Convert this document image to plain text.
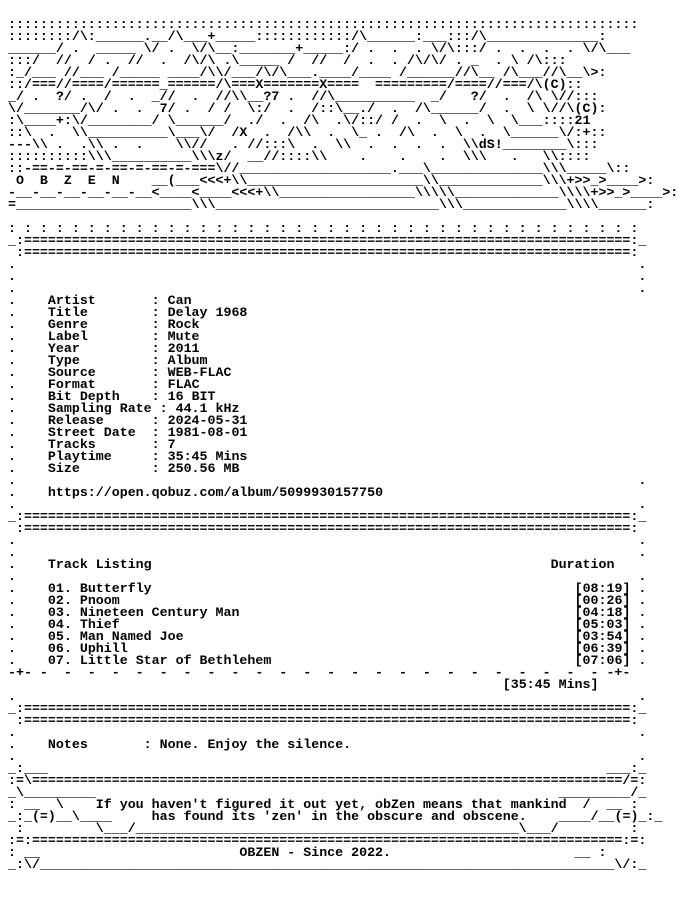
:::::::::::::::::::::::::::::::::::::::::::::::::::::::::::::::::::::::::::::::
::::::::/\:______.__/\___+_____::::::::::::/\______:___:::/\______________:
______/ .  _____ \/ .  \/\__:_______+_____:/ .  .  . \/\:::/ .  .  .  . \/\___
:::/  //  / .  //  .  /\/\ .\_____ /  //  /  .  . /\/\/ . _  . \ /\:::
:_/___ //___ /_____ ____/\\/___/\/\___.____/____ /______//\__ /\___//\__\>:
::/===//====/======_======/\===X=======X====  =========/====//===/\(C)::
_/ .  ?/ .  /  .  _//  .  //\\__?7 .  //\__________  _/   ?/  .  /\ \//:::
\/_______/\/ .  .  7/ .  / /  \:/  .  /::\__./  .  /\______/  .  \ \//\(C):
:\____+:\/________/ \______/  ./  .  /\  .\/::/ /  .  \  .  \  \___::::21
::\  .  \\__________\___\/  /X  .  /\\  .  \_ .  /\  .  \  .  \______\/:+::
---\\ .  .\\ .  .    \\//   . //:::\  .  \\  .  .  .  .  \\dS!________\:::
::::::::::\\\__________\\\z/  __//::::\\    .    .    .  \\\   .   \\::::
::-==-=-==-=-==-=-==-=-===\//___________________.___\______________\\\_____\::
O  B  Z  E  N    __(___<<<+\\______________________\\_____________\\\+>>_>____>:
-__-__-__-__-__-__<____<____<<<+\\_________________\\\\\_____________\\\\+>>_>____>:
=______________________\\\____________________________\\\_____________\\\\______:
: : : : : : : : : : : : : : : : : : : : : : : : : : : : : : : : : : : : : : : :
_:============================================================================:_
:============================================================================:
.                                                                              .
.                                                                              .
.                                                                              .
.    Artist       : Can
.    Title        : Delay 1968
.    Genre        : Rock
.    Label        : Mute
.    Year         : 2011
.    Type         : Album
.    Source       : WEB-FLAC
.    Format       : FLAC
.    Bit Depth    : 16 BIT
.    Sampling Rate : 44.1 kHz
.    Release      : 2024-05-31
.    Street Date  : 1981-08-01
.    Tracks       : 7
.    Playtime     : 35:45 Mins
.    Size         : 250.56 MB
.                                                                              .
.    https://open.qobuz.com/album/5099930157750
.                                                                              .
_:============================================================================:_
:============================================================================:
.                                                                              .
.                                                                              .
.    Track Listing	Duration
.                                                                              .
.    01. Butterfly	[08:19] .
.    02. Pnoom	[00:26] .
.    03. Nineteen Century Man	[04:18] .
.    04. Thief	[05:03] .
.    05. Man Named Joe	[03:54] .
.    06. Uphill	[06:39] .
.    07. Little Star of Bethlehem	[07:06] .
-+- -  -  -  -  -  -  -  -  -  -  -  -  -  -  -  -  -  -  -  -  -  -  -  - -+-
[35:45 Mins]
.                                                                              .
_:============================================================================:_
:============================================================================:
.                                                                              .
.    Notes       : None. Enjoy the silence.
.                                                                              .
_:___                                                                      ___:_
:=\==========================================================================/=:
_\_________                                                          _________/_
: __  \    If you haven't figured it out yet, obZen means that mankind  /  __ :
_:_(=)__\____     has found its 'zen' in the obscure and obscene.    ____/__(=)_:_
:         \___/________________________________________________\___/         :
:=:==========================================================================:=:
: __                         OBZEN - Since 2022.                       __ :
_:\/________________________________________________________________________\/:_
